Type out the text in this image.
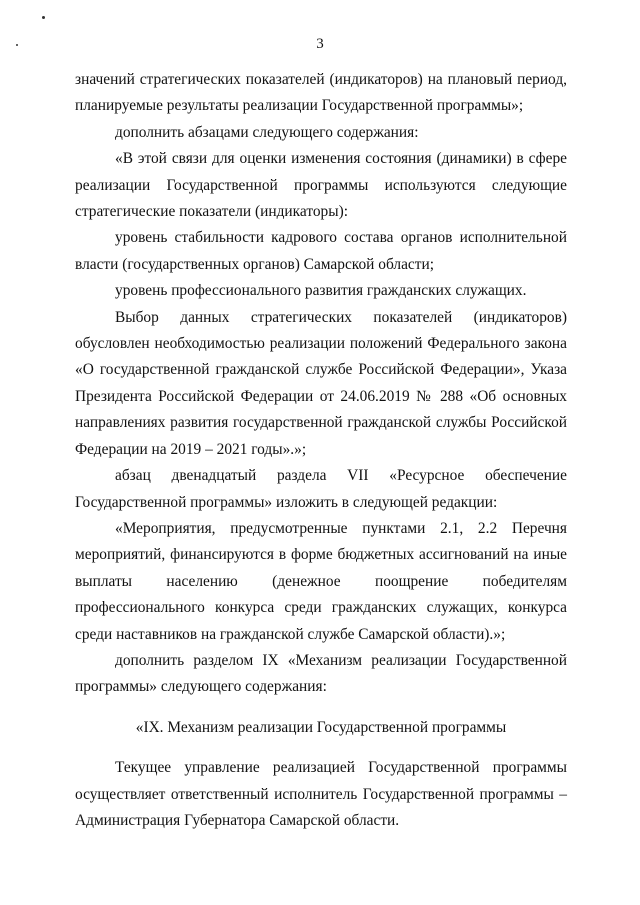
3

значений стратегических показателей (индикаторов) на плановый период, планируемые результаты реализации Государственной программы»;

дополнить абзацами следующего содержания:

«В этой связи для оценки изменения состояния (динамики) в сфере реализации Государственной программы используются следующие стратегические показатели (индикаторы):

уровень стабильности кадрового состава органов исполнительной власти (государственных органов) Самарской области;

уровень профессионального развития гражданских служащих.

Выбор данных стратегических показателей (индикаторов) обусловлен необходимостью реализации положений Федерального закона «О государственной гражданской службе Российской Федерации», Указа Президента Российской Федерации от 24.06.2019 № 288 «Об основных направлениях развития государственной гражданской службы Российской Федерации на 2019 – 2021 годы».»;

абзац двенадцатый раздела VII «Ресурсное обеспечение Государственной программы» изложить в следующей редакции:

«Мероприятия, предусмотренные пунктами 2.1, 2.2 Перечня мероприятий, финансируются в форме бюджетных ассигнований на иные выплаты населению (денежное поощрение победителям профессионального конкурса среди гражданских служащих, конкурса среди наставников на гражданской службе Самарской области).»;

дополнить разделом IX «Механизм реализации Государственной программы» следующего содержания:

«IX. Механизм реализации Государственной программы

Текущее управление реализацией Государственной программы осуществляет ответственный исполнитель Государственной программы – Администрация Губернатора Самарской области.
